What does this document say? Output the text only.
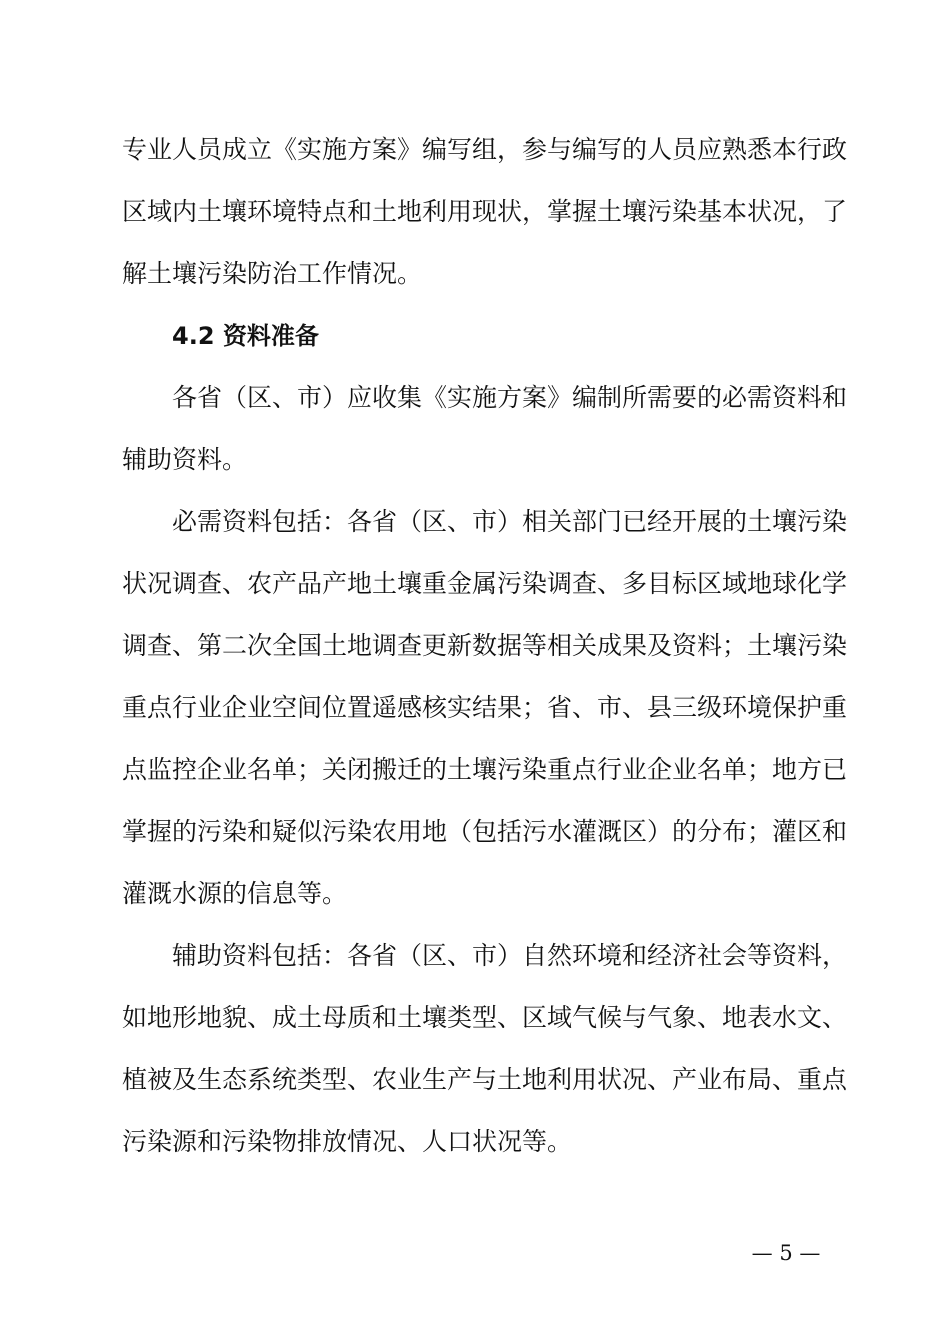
专业人员成立《实施方案》编写组，参与编写的人员应熟悉本行政
区域内土壤环境特点和土地利用现状，掌握土壤污染基本状况，了
解土壤污染防治工作情况。
4.2 资料准备
各省（区、市）应收集《实施方案》编制所需要的必需资料和
辅助资料。
必需资料包括：各省（区、市）相关部门已经开展的土壤污染
状况调查、农产品产地土壤重金属污染调查、多目标区域地球化学
调查、第二次全国土地调查更新数据等相关成果及资料；土壤污染
重点行业企业空间位置遥感核实结果；省、市、县三级环境保护重
点监控企业名单；关闭搬迁的土壤污染重点行业企业名单；地方已
掌握的污染和疑似污染农用地（包括污水灌溉区）的分布；灌区和
灌溉水源的信息等。
辅助资料包括：各省（区、市）自然环境和经济社会等资料，
如地形地貌、成土母质和土壤类型、区域气候与气象、地表水文、
植被及生态系统类型、农业生产与土地利用状况、产业布局、重点
污染源和污染物排放情况、人口状况等。
— 5 —
